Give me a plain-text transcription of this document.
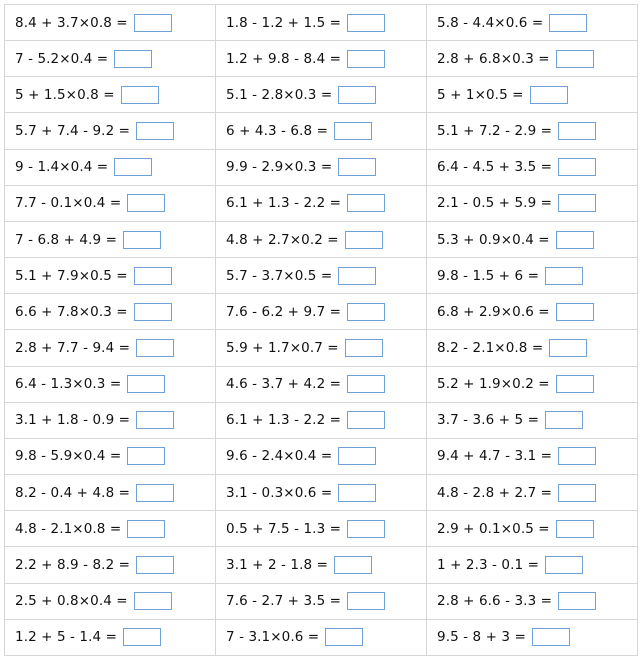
8.4 + 3.7×0.8 =	1.8 - 1.2 + 1.5 =	5.8 - 4.4×0.6 =
7 - 5.2×0.4 =	1.2 + 9.8 - 8.4 =	2.8 + 6.8×0.3 =
5 + 1.5×0.8 =	5.1 - 2.8×0.3 =	5 + 1×0.5 =
5.7 + 7.4 - 9.2 =	6 + 4.3 - 6.8 =	5.1 + 7.2 - 2.9 =
9 - 1.4×0.4 =	9.9 - 2.9×0.3 =	6.4 - 4.5 + 3.5 =
7.7 - 0.1×0.4 =	6.1 + 1.3 - 2.2 =	2.1 - 0.5 + 5.9 =
7 - 6.8 + 4.9 =	4.8 + 2.7×0.2 =	5.3 + 0.9×0.4 =
5.1 + 7.9×0.5 =	5.7 - 3.7×0.5 =	9.8 - 1.5 + 6 =
6.6 + 7.8×0.3 =	7.6 - 6.2 + 9.7 =	6.8 + 2.9×0.6 =
2.8 + 7.7 - 9.4 =	5.9 + 1.7×0.7 =	8.2 - 2.1×0.8 =
6.4 - 1.3×0.3 =	4.6 - 3.7 + 4.2 =	5.2 + 1.9×0.2 =
3.1 + 1.8 - 0.9 =	6.1 + 1.3 - 2.2 =	3.7 - 3.6 + 5 =
9.8 - 5.9×0.4 =	9.6 - 2.4×0.4 =	9.4 + 4.7 - 3.1 =
8.2 - 0.4 + 4.8 =	3.1 - 0.3×0.6 =	4.8 - 2.8 + 2.7 =
4.8 - 2.1×0.8 =	0.5 + 7.5 - 1.3 =	2.9 + 0.1×0.5 =
2.2 + 8.9 - 8.2 =	3.1 + 2 - 1.8 =	1 + 2.3 - 0.1 =
2.5 + 0.8×0.4 =	7.6 - 2.7 + 3.5 =	2.8 + 6.6 - 3.3 =
1.2 + 5 - 1.4 =	7 - 3.1×0.6 =	9.5 - 8 + 3 =
